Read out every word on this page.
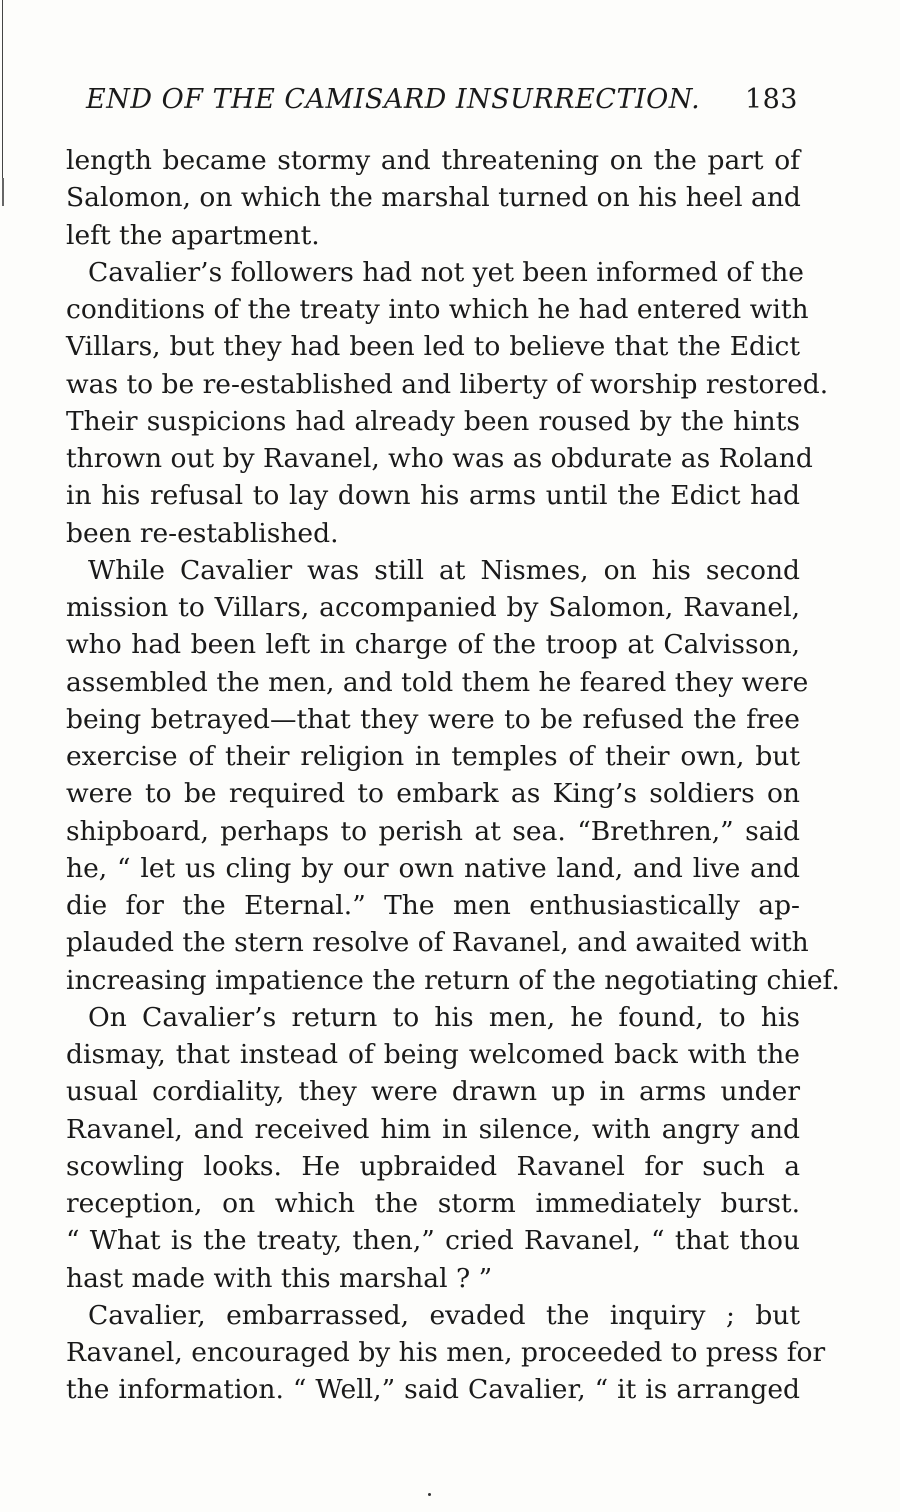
END OF THE CAMISARD INSURRECTION. 183
length became stormy and threatening on the part of
Salomon, on which the marshal turned on his heel and
left the apartment.
Cavalier’s followers had not yet been informed of the
conditions of the treaty into which he had entered with
Villars, but they had been led to believe that the Edict
was to be re-established and liberty of worship restored.
Their suspicions had already been roused by the hints
thrown out by Ravanel, who was as obdurate as Roland
in his refusal to lay down his arms until the Edict had
been re-established.
While Cavalier was still at Nismes, on his second
mission to Villars, accompanied by Salomon, Ravanel,
who had been left in charge of the troop at Calvisson,
assembled the men, and told them he feared they were
being betrayed—that they were to be refused the free
exercise of their religion in temples of their own, but
were to be required to embark as King’s soldiers on
shipboard, perhaps to perish at sea. “Brethren,” said
he, “ let us cling by our own native land, and live and
die for the Eternal.” The men enthusiastically ap-
plauded the stern resolve of Ravanel, and awaited with
increasing impatience the return of the negotiating chief.
On Cavalier’s return to his men, he found, to his
dismay, that instead of being welcomed back with the
usual cordiality, they were drawn up in arms under
Ravanel, and received him in silence, with angry and
scowling looks. He upbraided Ravanel for such a
reception, on which the storm immediately burst.
“ What is the treaty, then,” cried Ravanel, “ that thou
hast made with this marshal ? ”
Cavalier, embarrassed, evaded the inquiry ; but
Ravanel, encouraged by his men, proceeded to press for
the information. “ Well,” said Cavalier, “ it is arranged
